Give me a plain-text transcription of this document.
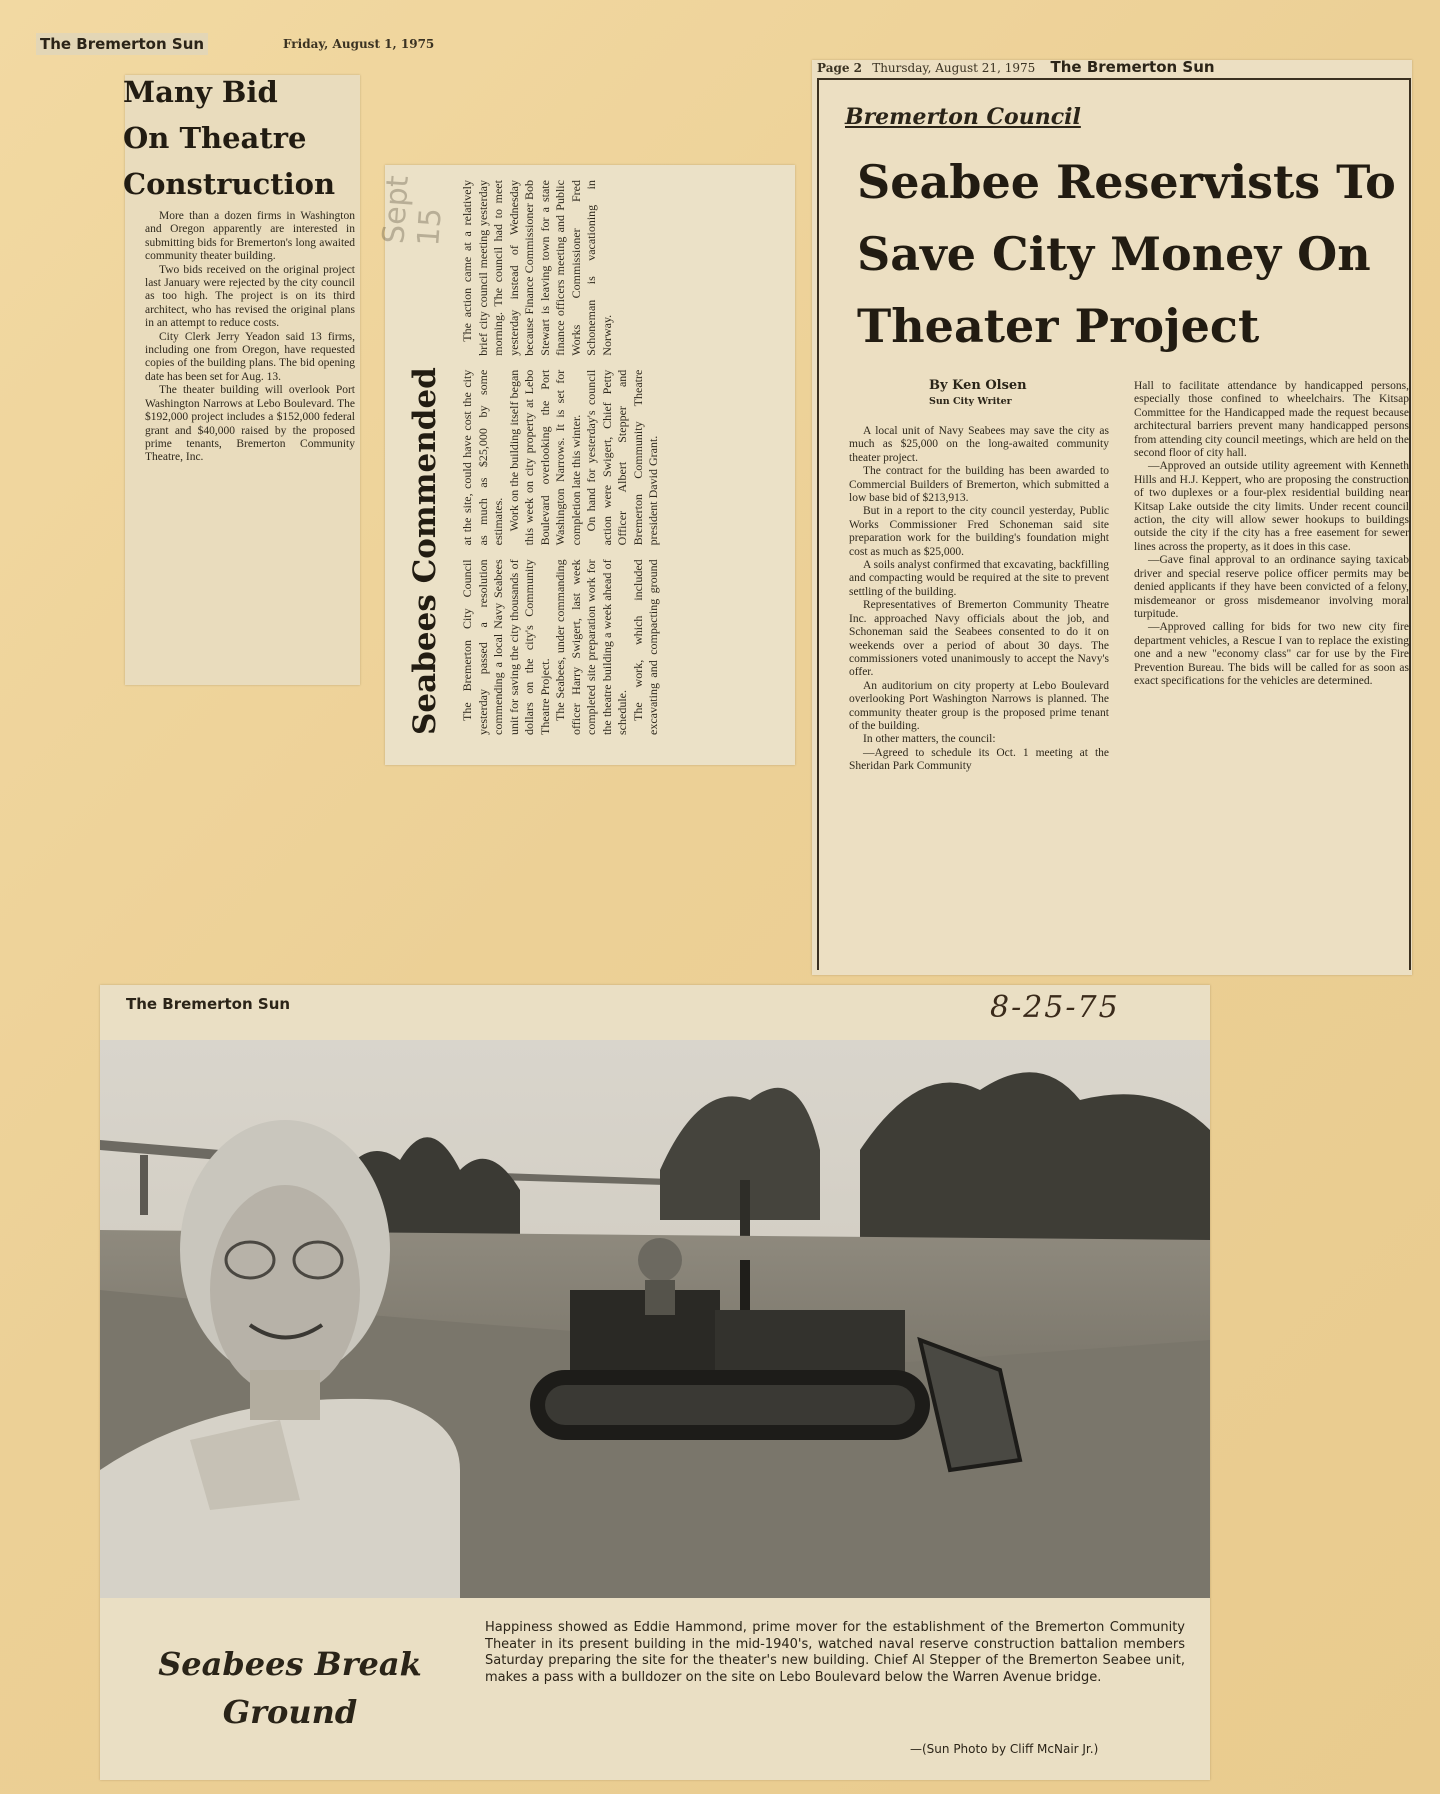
Many Bid
On Theatre
Construction

More than a dozen firms in Washington and Oregon apparently are interested in submitting bids for Bremerton's long awaited community theater building.

Two bids received on the original project last January were rejected by the city council as too high. The project is on its third architect, who has revised the original plans in an attempt to reduce costs.

City Clerk Jerry Yeadon said 13 firms, including one from Oregon, have requested copies of the building plans. The bid opening date has been set for Aug. 13.

The theater building will overlook Port Washington Narrows at Lebo Boulevard. The $192,000 project includes a $152,000 federal grant and $40,000 raised by the proposed prime tenants, Bremerton Community Theatre, Inc.

The Bremerton Sun	Friday, August 1, 1975
Seabees Commended
Sept 15

The Bremerton City Council yesterday passed a resolution commending a local Navy Seabees unit for saving the city thousands of dollars on the city's Community Theatre Project. The Seabees, under commanding officer Harry Swigert, last week completed site preparation work for the theatre building a week ahead of schedule. The work, which included excavating and compacting ground at the site, could have cost the city as much as $25,000 by some estimates. Work on the building itself began this week on city property at Lebo Boulevard overlooking the Port Washington Narrows. It is set for completion late this winter. On hand for yesterday's council action were Swigert, Chief Petty Officer Albert Stepper and Bremerton Community Theatre president David Grant.

The action came at a relatively brief city council meeting yesterday morning. The council had to meet yesterday instead of Wednesday because Finance Commissioner Bob Stewart is leaving town for a state finance officers meeting and Public Works Commissioner Fred Schoneman is vacationing in Norway.

Page 2 Thursday, August 21, 1975 The Bremerton Sun
Bremerton Council
Seabee Reservists To Save City Money On Theater Project
By Ken Olsen
Sun City Writer

A local unit of Navy Seabees may save the city as much as $25,000 on the long-awaited community theater project.

The contract for the building has been awarded to Commercial Builders of Bremerton, which submitted a low base bid of $213,913.

But in a report to the city council yesterday, Public Works Commissioner Fred Schoneman said site preparation work for the building's foundation might cost as much as $25,000.

A soils analyst confirmed that excavating, backfilling and compacting would be required at the site to prevent settling of the building.

Representatives of Bremerton Community Theatre Inc. approached Navy officials about the job, and Schoneman said the Seabees consented to do it on weekends over a period of about 30 days. The commissioners voted unanimously to accept the Navy's offer.

An auditorium on city property at Lebo Boulevard overlooking Port Washington Narrows is planned. The community theater group is the proposed prime tenant of the building.

In other matters, the council:

—Agreed to schedule its Oct. 1 meeting at the Sheridan Park Community

Hall to facilitate attendance by handicapped persons, especially those confined to wheelchairs. The Kitsap Committee for the Handicapped made the request because architectural barriers prevent many handicapped persons from attending city council meetings, which are held on the second floor of city hall.

—Approved an outside utility agreement with Kenneth Hills and H.J. Keppert, who are proposing the construction of two duplexes or a four-plex residential building near Kitsap Lake outside the city limits. Under recent council action, the city will allow sewer hookups to buildings outside the city if the city has a free easement for sewer lines across the property, as it does in this case.

—Gave final approval to an ordinance saying taxicab driver and special reserve police officer permits may be denied applicants if they have been convicted of a felony, misdemeanor or gross misdemeanor involving moral turpitude.

—Approved calling for bids for two new city fire department vehicles, a Rescue I van to replace the existing one and a new "economy class" car for use by the Fire Prevention Bureau. The bids will be called for as soon as exact specifications for the vehicles are determined.

The Bremerton Sun	8-25-75
Seabees Break
Ground
Happiness showed as Eddie Hammond, prime mover for the establishment of the Bremerton Community Theater in its present building in the mid-1940's, watched naval reserve construction battalion members Saturday preparing the site for the theater's new building. Chief Al Stepper of the Bremerton Seabee unit, makes a pass with a bulldozer on the site on Lebo Boulevard below the Warren Avenue bridge.
—(Sun Photo by Cliff McNair Jr.)
